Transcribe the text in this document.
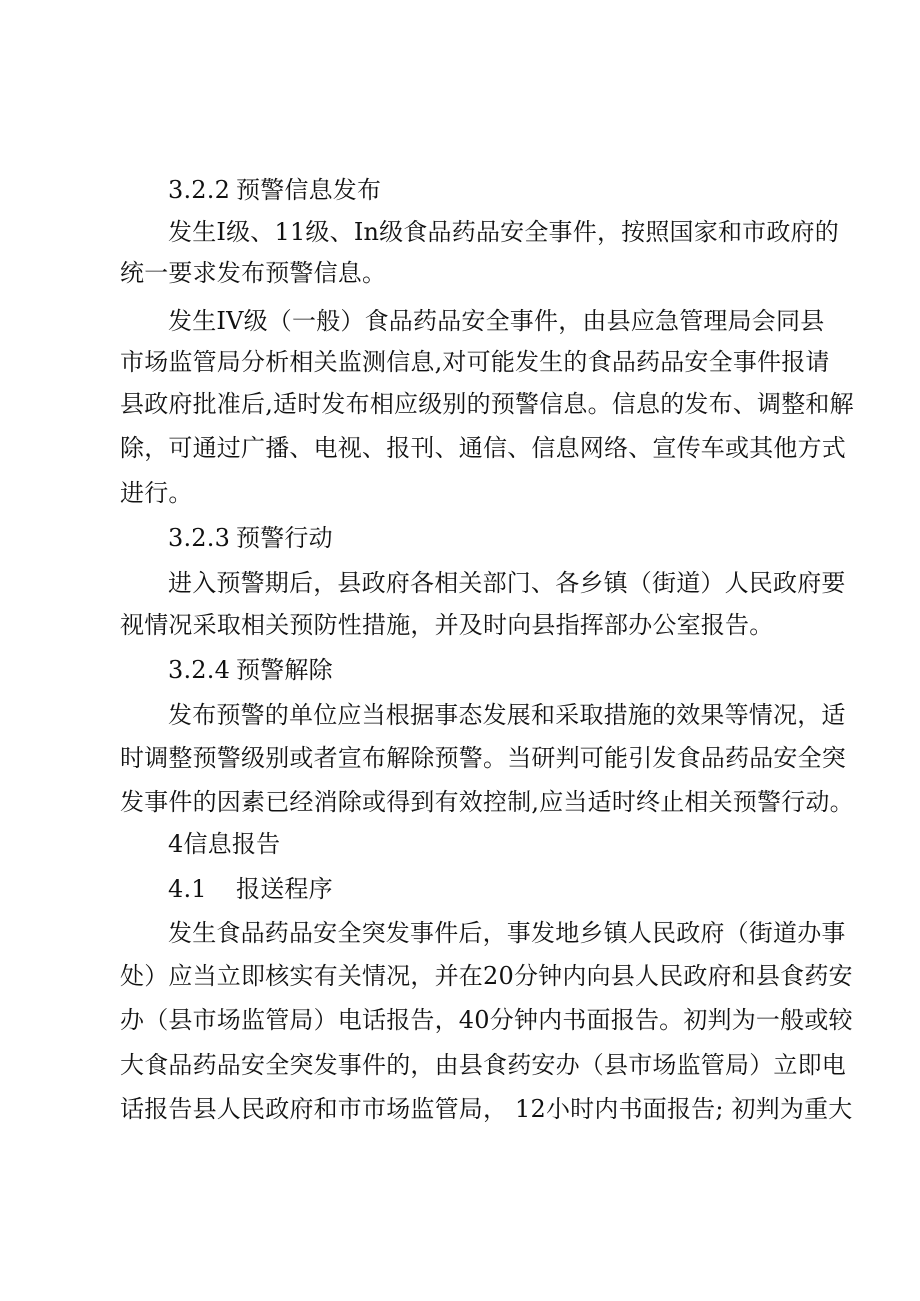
3.2.2 预警信息发布
发生I级、11级、In级食品药品安全事件，按照国家和市政府的
统一要求发布预警信息。
发生IV级（一般）食品药品安全事件，由县应急管理局会同县
市场监管局分析相关监测信息,对可能发生的食品药品安全事件报请
县政府批准后,适时发布相应级别的预警信息。信息的发布、调整和解
除，可通过广播、电视、报刊、通信、信息网络、宣传车或其他方式
进行。
3.2.3 预警行动
进入预警期后，县政府各相关部门、各乡镇（街道）人民政府要
视情况采取相关预防性措施，并及时向县指挥部办公室报告。
3.2.4 预警解除
发布预警的单位应当根据事态发展和采取措施的效果等情况，适
时调整预警级别或者宣布解除预警。当研判可能引发食品药品安全突
发事件的因素已经消除或得到有效控制,应当适时终止相关预警行动。
4信息报告
4.1 报送程序
发生食品药品安全突发事件后，事发地乡镇人民政府（街道办事
处）应当立即核实有关情况，并在20分钟内向县人民政府和县食药安
办（县市场监管局）电话报告，40分钟内书面报告。初判为一般或较
大食品药品安全突发事件的，由县食药安办（县市场监管局）立即电
话报告县人民政府和市市场监管局， 12小时内书面报告; 初判为重大
